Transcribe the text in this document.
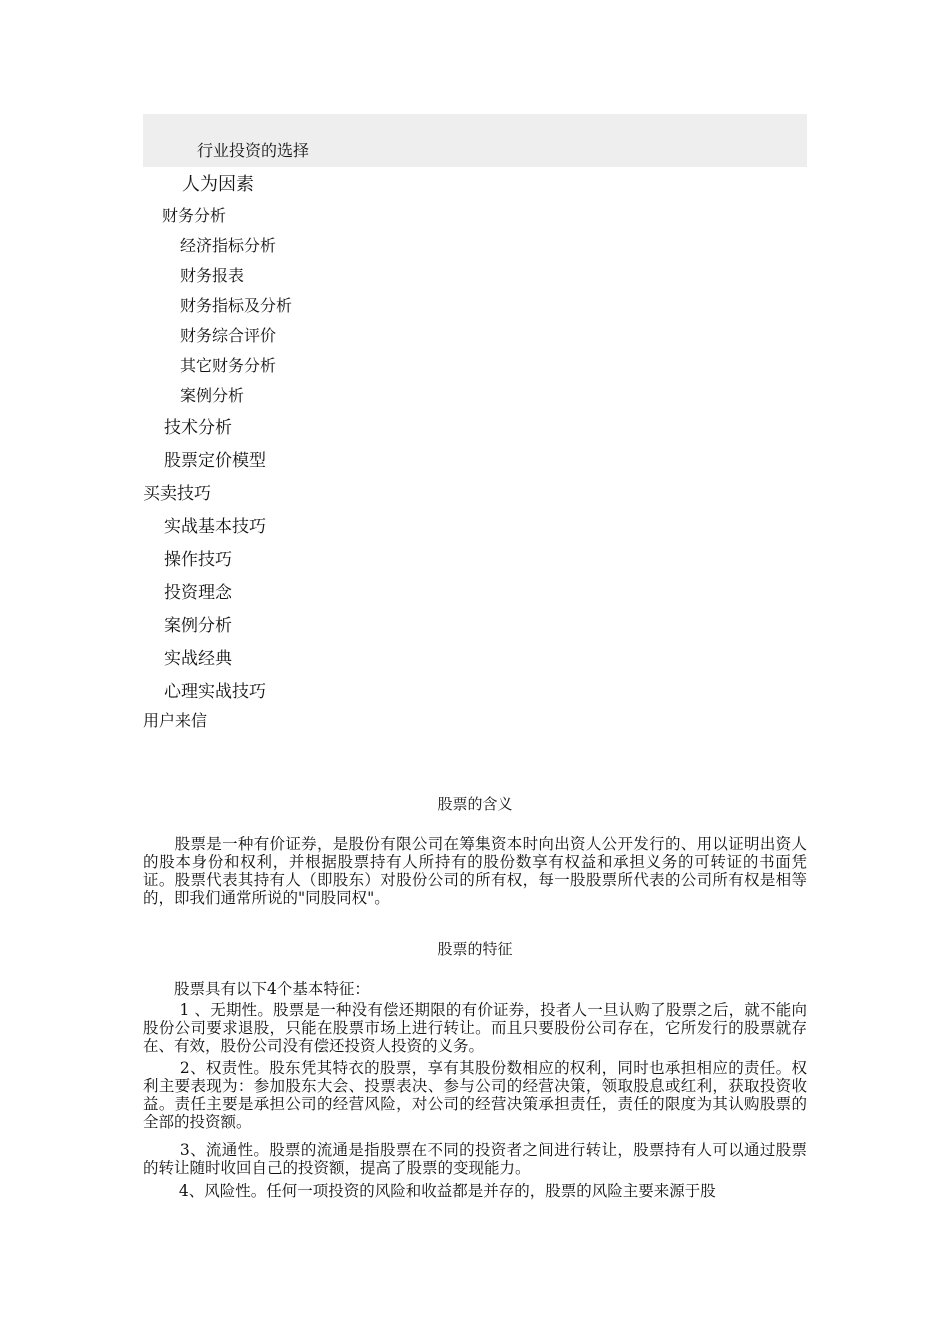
行业投资的选择
人为因素
财务分析
经济指标分析
财务报表
财务指标及分析
财务综合评价
其它财务分析
案例分析
技术分析
股票定价模型
买卖技巧
实战基本技巧
操作技巧
投资理念
案例分析
实战经典
心理实战技巧
用户来信
股票的含义

　　股票是一种有价证券，是股份有限公司在筹集资本时向出资人公开发行的、用以证明出资人的股本身份和权利，并根据股票持有人所持有的股份数享有权益和承担义务的可转证的书面凭证。股票代表其持有人（即股东）对股份公司的所有权，每一股股票所代表的公司所有权是相等的，即我们通常所说的"同股同权"。

股票的特征

　　股票具有以下4个基本特征：

　　 1 、无期性。股票是一种没有偿还期限的有价证券，投者人一旦认购了股票之后，就不能向股份公司要求退股，只能在股票市场上进行转让。而且只要股份公司存在，它所发行的股票就存在、有效，股份公司没有偿还投资人投资的义务。

　　 2、权责性。股东凭其特衣的股票，享有其股份数相应的权利，同时也承担相应的责任。权利主要表现为：参加股东大会、投票表决、参与公司的经营决策，领取股息或红利，获取投资收益。责任主要是承担公司的经营风险，对公司的经营决策承担责任，责任的限度为其认购股票的全部的投资额。

　　 3、流通性。股票的流通是指股票在不同的投资者之间进行转让，股票持有人可以通过股票的转让随时收回自己的投资额，提高了股票的变现能力。

　　 4、风险性。任何一项投资的风险和收益都是并存的，股票的风险主要来源于股
